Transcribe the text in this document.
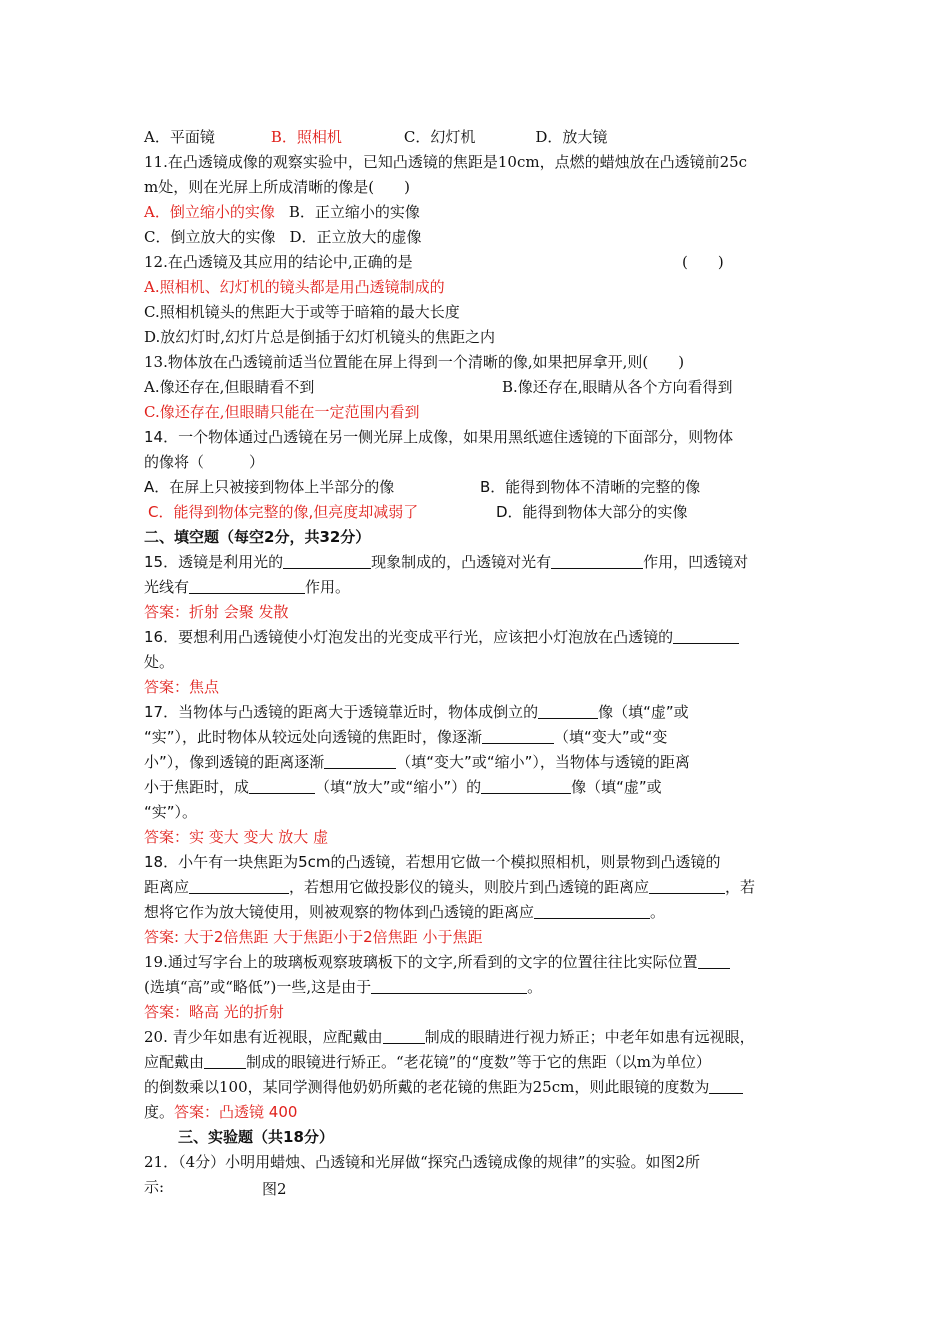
A．平面镜	B．照相机	C．幻灯机	D．放大镜
11.在凸透镜成像的观察实验中，已知凸透镜的焦距是10cm，点燃的蜡烛放在凸透镜前25c
m处，则在光屏上所成清晰的像是(　　)
A．倒立缩小的实像 B．正立缩小的实像
C．倒立放大的实像 D．正立放大的虚像
12.在凸透镜及其应用的结论中,正确的是	(　　)
A.照相机、幻灯机的镜头都是用凸透镜制成的
C.照相机镜头的焦距大于或等于暗箱的最大长度
D.放幻灯时,幻灯片总是倒插于幻灯机镜头的焦距之内
13.物体放在凸透镜前适当位置能在屏上得到一个清晰的像,如果把屏拿开,则(　　)
A.像还存在,但眼睛看不到	B.像还存在,眼睛从各个方向看得到
C.像还存在,但眼睛只能在一定范围内看到
14．一个物体通过凸透镜在另一侧光屏上成像，如果用黑纸遮住透镜的下面部分，则物体
的像将（　　　）
A．在屏上只被接到物体上半部分的像	B．能得到物体不清晰的完整的像
C．能得到物体完整的像,但亮度却减弱了	D．能得到物体大部分的实像
二、填空题（每空2分，共32分）
15．透镜是利用光的	现象制成的，凸透镜对光有	作用，凹透镜对
光线有	作用。
答案：折射 会聚 发散
16．要想利用凸透镜使小灯泡发出的光变成平行光，应该把小灯泡放在凸透镜的
处。
答案：焦点
17．当物体与凸透镜的距离大于透镜靠近时，物体成倒立的	像（填“虚”或
“实”），此时物体从较远处向透镜的焦距时，像逐渐	（填“变大”或“变
小”），像到透镜的距离逐渐	（填“变大”或“缩小”），当物体与透镜的距离
小于焦距时，成	（填“放大”或“缩小”）的	像（填“虚”或
“实”）。
答案：实 变大 变大 放大 虚
18．小午有一块焦距为5cm的凸透镜，若想用它做一个模拟照相机，则景物到凸透镜的
距离应	，若想用它做投影仪的镜头，则胶片到凸透镜的距离应	，若
想将它作为放大镜使用，则被观察的物体到凸透镜的距离应	。
答案: 大于2倍焦距 大于焦距小于2倍焦距 小于焦距
19.通过写字台上的玻璃板观察玻璃板下的文字,所看到的文字的位置往往比实际位置
(选填“高”或“略低”)一些,这是由于	。
答案：略高 光的折射
20. 青少年如患有近视眼，应配戴由	制成的眼睛进行视力矫正；中老年如患有远视眼，
应配戴由	制成的眼镜进行矫正。“老花镜”的“度数”等于它的焦距（以m为单位）
的倒数乘以100，某同学测得他奶奶所戴的老花镜的焦距为25cm，则此眼镜的度数为
度。答案：凸透镜 400
三、实验题（共18分）
21．（4分）小明用蜡烛、凸透镜和光屏做“探究凸透镜成像的规律”的实验。如图2所
示:	图2
